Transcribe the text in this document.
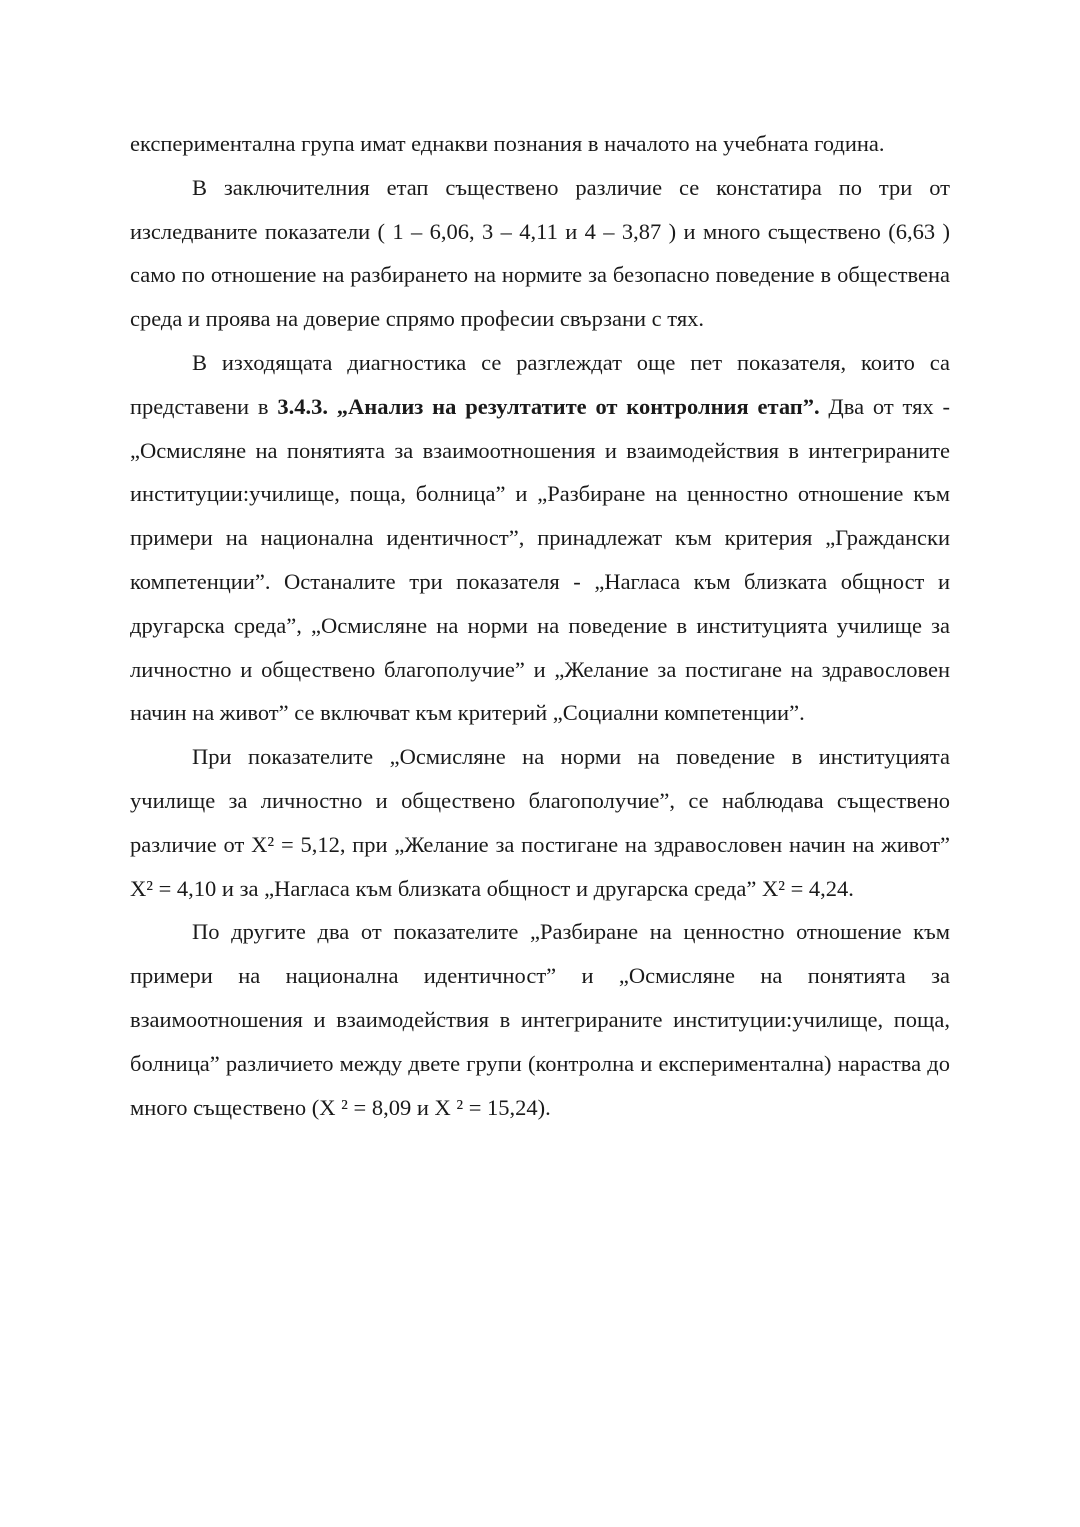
експериментална група имат еднакви познания в началото на учебната година.

В заключителния етап съществено различие се констатира по три от изследваните показатели ( 1 – 6,06, 3 – 4,11 и 4 – 3,87 ) и много съществено (6,63 ) само по отношение на разбирането на нормите за безопасно поведение в обществена среда и проява на доверие спрямо професии свързани с тях.

В изходящата диагностика се разглеждат още пет показателя, които са представени в 3.4.3. „Анализ на резултатите от контролния етап”. Два от тях - „Осмисляне на понятията за взаимоотношения и взаимодействия в интегрираните институции:училище, поща, болница” и „Разбиране на ценностно отношение към примери на национална идентичност”, принадлежат към критерия „Граждански компетенции”. Останалите три показателя - „Нагласа към близката общност и другарска среда”, „Осмисляне на норми на поведение в институцията училище за личностно и обществено благополучие” и „Желание за постигане на здравословен начин на живот” се включват към критерий „Социални компетенции”.

При показателите „Осмисляне на норми на поведение в институцията училище за личностно и обществено благополучие”, се наблюдава съществено различие от X² = 5,12, при „Желание за постигане на здравословен начин на живот” X² = 4,10 и за „Нагласа към близката общност и другарска среда” X² = 4,24.

По другите два от показателите „Разбиране на ценностно отношение към примери на национална идентичност” и „Осмисляне на понятията за взаимоотношения и взаимодействия в интегрираните институции:училище, поща, болница” различието между двете групи (контролна и експериментална) нараства до много съществено (X ² = 8,09 и X ² = 15,24).
